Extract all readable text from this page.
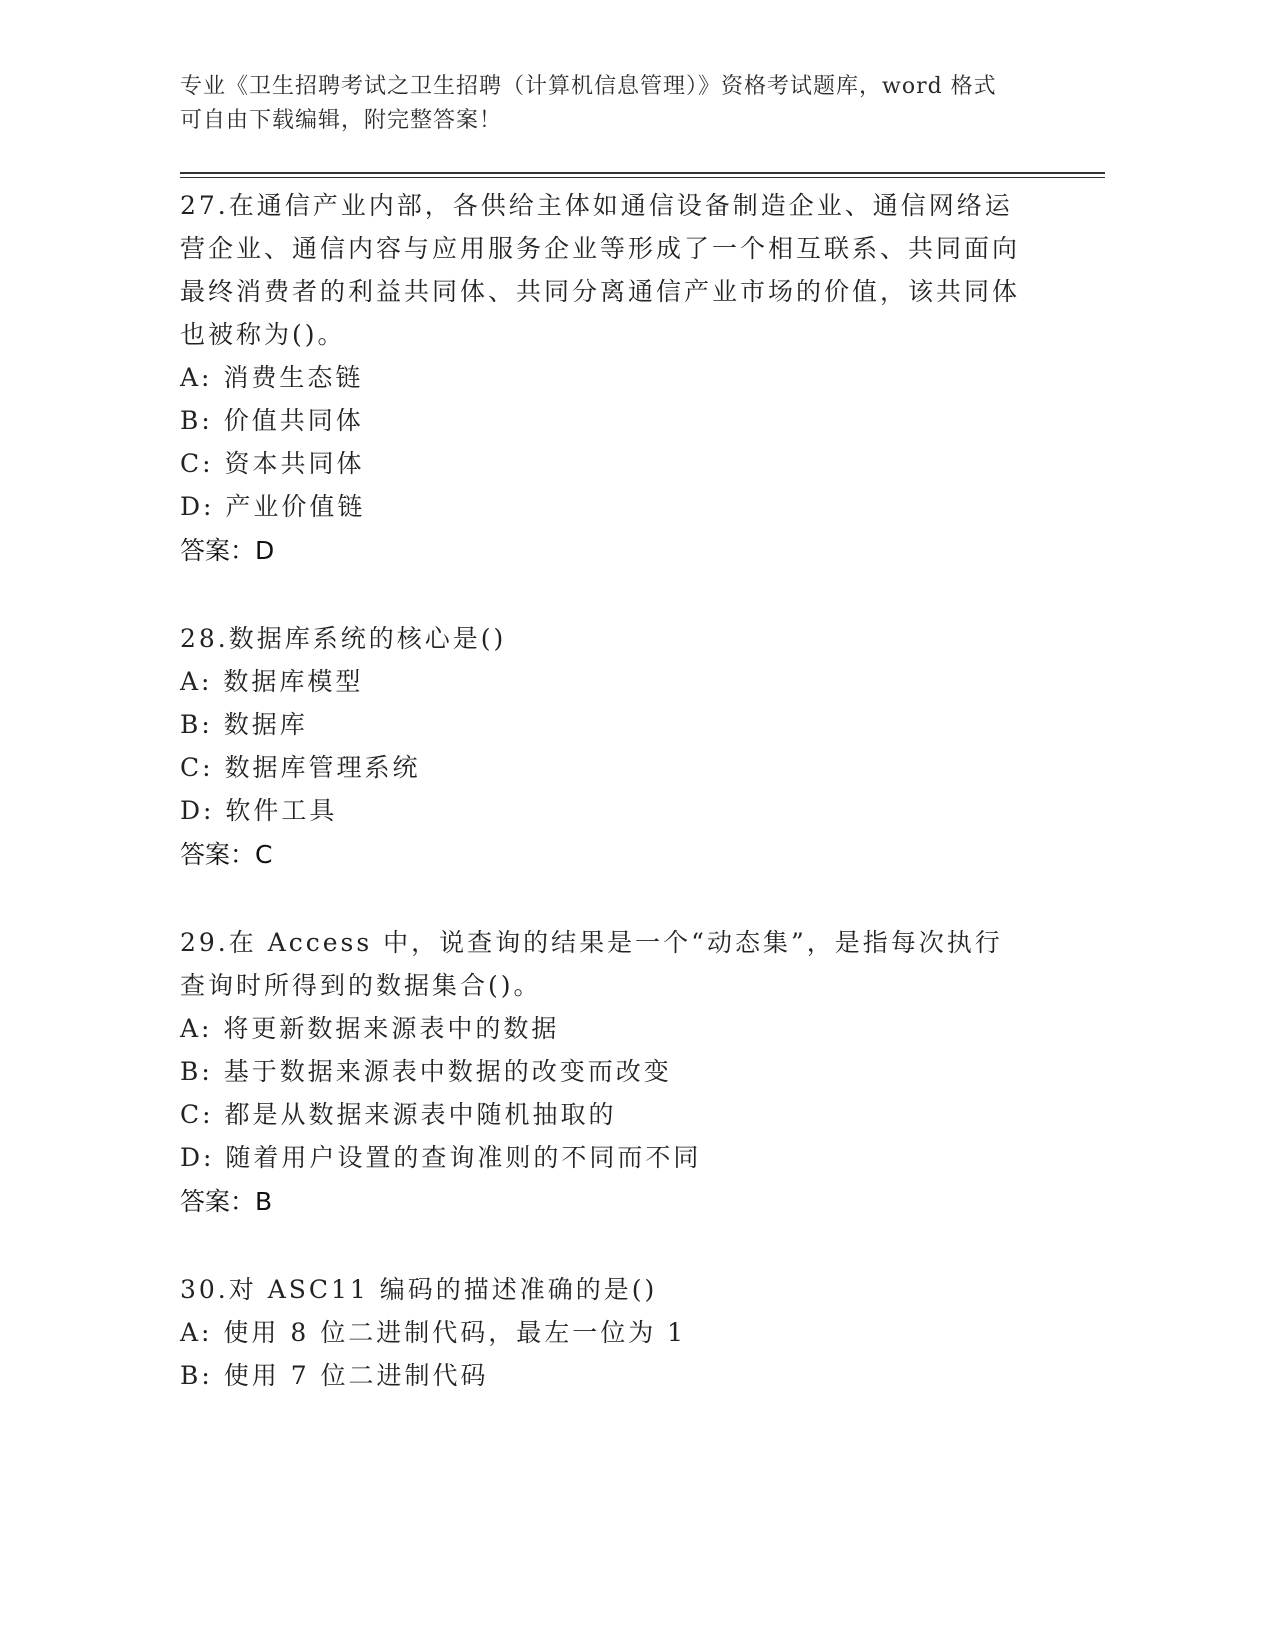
专业《卫生招聘考试之卫生招聘（计算机信息管理）》资格考试题库，word 格式
可自由下载编辑，附完整答案！

27.在通信产业内部，各供给主体如通信设备制造企业、通信网络运营企业、通信内容与应用服务企业等形成了一个相互联系、共同面向最终消费者的利益共同体、共同分离通信产业市场的价值，该共同体也被称为()。

A: 消费生态链

B: 价值共同体

C: 资本共同体

D: 产业价值链

答案：D

28.数据库系统的核心是()

A: 数据库模型

B: 数据库

C: 数据库管理系统

D: 软件工具

答案：C

29.在 Access 中，说查询的结果是一个“动态集”，是指每次执行查询时所得到的数据集合()。

A: 将更新数据来源表中的数据

B: 基于数据来源表中数据的改变而改变

C: 都是从数据来源表中随机抽取的

D: 随着用户设置的查询准则的不同而不同

答案：B

30.对 ASC11 编码的描述准确的是()

A: 使用 8 位二进制代码，最左一位为 1

B: 使用 7 位二进制代码
